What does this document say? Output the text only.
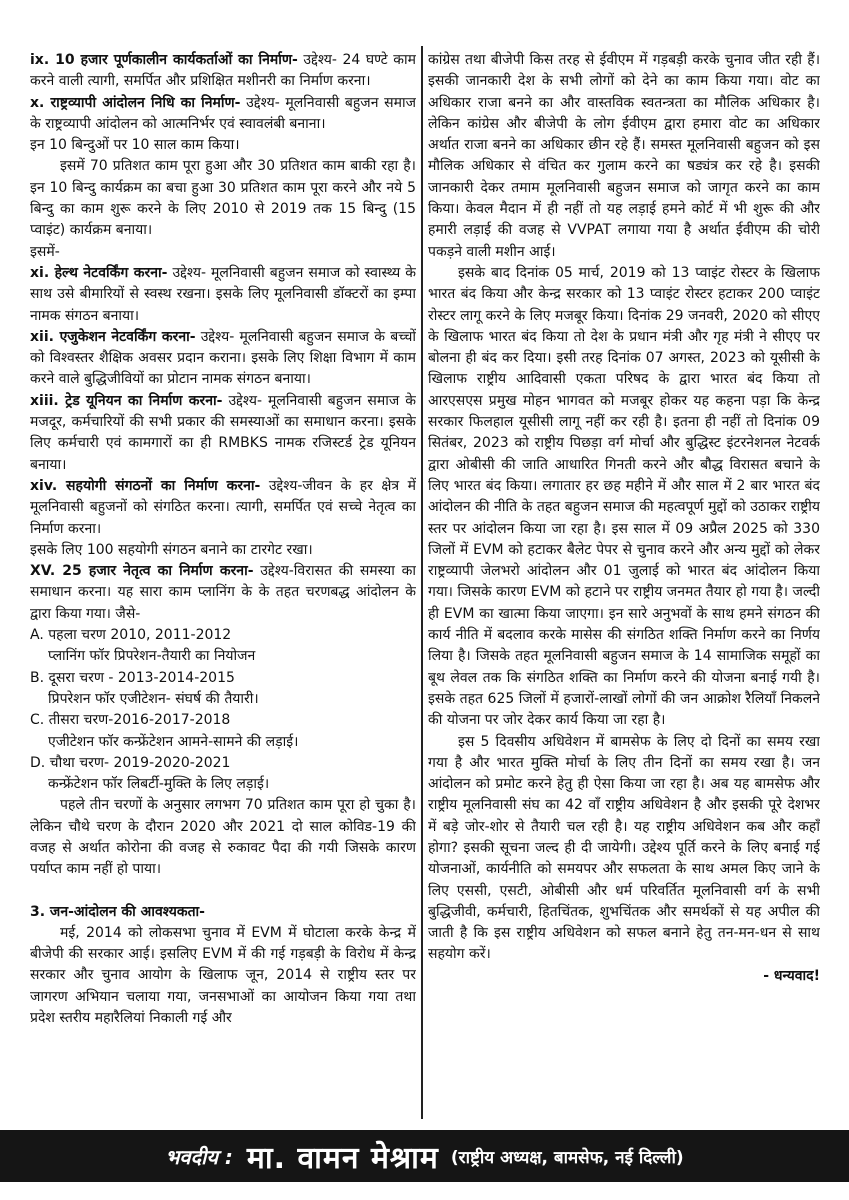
ix. 10 हजार पूर्णकालीन कार्यकर्ताओं का निर्माण- उद्देश्य- 24 घण्टे काम करने वाली त्यागी, समर्पित और प्रशिक्षित मशीनरी का निर्माण करना।

x. राष्ट्रव्यापी आंदोलन निधि का निर्माण- उद्देश्य- मूलनिवासी बहुजन समाज के राष्ट्रव्यापी आंदोलन को आत्मनिर्भर एवं स्वावलंबी बनाना।

इन 10 बिन्दुओं पर 10 साल काम किया।

इसमें 70 प्रतिशत काम पूरा हुआ और 30 प्रतिशत काम बाकी रहा है। इन 10 बिन्दु कार्यक्रम का बचा हुआ 30 प्रतिशत काम पूरा करने और नये 5 बिन्दु का काम शुरू करने के लिए 2010 से 2019 तक 15 बिन्दु (15 प्वाइंट) कार्यक्रम बनाया।

इसमें-

xi. हेल्थ नेटवर्किंग करना- उद्देश्य- मूलनिवासी बहुजन समाज को स्वास्थ्य के साथ उसे बीमारियों से स्वस्थ रखना। इसके लिए मूलनिवासी डॉक्टरों का इम्पा नामक संगठन बनाया।

xii. एजुकेशन नेटवर्किंग करना- उद्देश्य- मूलनिवासी बहुजन समाज के बच्चों को विश्वस्तर शैक्षिक अवसर प्रदान कराना। इसके लिए शिक्षा विभाग में काम करने वाले बुद्धिजीवियों का प्रोटान नामक संगठन बनाया।

xiii. ट्रेड यूनियन का निर्माण करना- उद्देश्य- मूलनिवासी बहुजन समाज के मजदूर, कर्मचारियों की सभी प्रकार की समस्याओं का समाधान करना। इसके लिए कर्मचारी एवं कामगारों का ही RMBKS नामक रजिस्टर्ड ट्रेड यूनियन बनाया।

xiv. सहयोगी संगठनों का निर्माण करना- उद्देश्य-जीवन के हर क्षेत्र में मूलनिवासी बहुजनों को संगठित करना। त्यागी, समर्पित एवं सच्चे नेतृत्व का निर्माण करना।

इसके लिए 100 सहयोगी संगठन बनाने का टारगेट रखा।

XV. 25 हजार नेतृत्व का निर्माण करना- उद्देश्य-विरासत की समस्या का समाधान करना। यह सारा काम प्लानिंग के के तहत चरणबद्ध आंदोलन के द्वारा किया गया। जैसे-

A. पहला चरण 2010, 2011-2012

प्लानिंग फॉर प्रिपरेशन-तैयारी का नियोजन

B. दूसरा चरण - 2013-2014-2015

प्रिपरेशन फॉर एजीटेशन- संघर्ष की तैयारी।

C. तीसरा चरण-2016-2017-2018

एजीटेशन फॉर कन्फ्रेंटेशन आमने-सामने की लड़ाई।

D. चौथा चरण- 2019-2020-2021

कन्फ्रेंटेशन फॉर लिबर्टी-मुक्ति के लिए लड़ाई।

पहले तीन चरणों के अनुसार लगभग 70 प्रतिशत काम पूरा हो चुका है। लेकिन चौथे चरण के दौरान 2020 और 2021 दो साल कोविड-19 की वजह से अर्थात कोरोना की वजह से रुकावट पैदा की गयी जिसके कारण पर्याप्त काम नहीं हो पाया।

3. जन-आंदोलन की आवश्यकता-

मई, 2014 को लोकसभा चुनाव में EVM में घोटाला करके केन्द्र में बीजेपी की सरकार आई। इसलिए EVM में की गई गड़बड़ी के विरोध में केन्द्र सरकार और चुनाव आयोग के खिलाफ जून, 2014 से राष्ट्रीय स्तर पर जागरण अभियान चलाया गया, जनसभाओं का आयोजन किया गया तथा प्रदेश स्तरीय महारैलियां निकाली गई और

कांग्रेस तथा बीजेपी किस तरह से ईवीएम में गड़बड़ी करके चुनाव जीत रही हैं। इसकी जानकारी देश के सभी लोगों को देने का काम किया गया। वोट का अधिकार राजा बनने का और वास्तविक स्वतन्त्रता का मौलिक अधिकार है। लेकिन कांग्रेस और बीजेपी के लोग ईवीएम द्वारा हमारा वोट का अधिकार अर्थात राजा बनने का अधिकार छीन रहे हैं। समस्त मूलनिवासी बहुजन को इस मौलिक अधिकार से वंचित कर गुलाम करने का षड्यंत्र कर रहे है। इसकी जानकारी देकर तमाम मूलनिवासी बहुजन समाज को जागृत करने का काम किया। केवल मैदान में ही नहीं तो यह लड़ाई हमने कोर्ट में भी शुरू की और हमारी लड़ाई की वजह से VVPAT लगाया गया है अर्थात ईवीएम की चोरी पकड़ने वाली मशीन आई।

इसके बाद दिनांक 05 मार्च, 2019 को 13 प्वाइंट रोस्टर के खिलाफ भारत बंद किया और केन्द्र सरकार को 13 प्वाइंट रोस्टर हटाकर 200 प्वाइंट रोस्टर लागू करने के लिए मजबूर किया। दिनांक 29 जनवरी, 2020 को सीएए के खिलाफ भारत बंद किया तो देश के प्रधान मंत्री और गृह मंत्री ने सीएए पर बोलना ही बंद कर दिया। इसी तरह दिनांक 07 अगस्त, 2023 को यूसीसी के खिलाफ राष्ट्रीय आदिवासी एकता परिषद के द्वारा भारत बंद किया तो आरएसएस प्रमुख मोहन भागवत को मजबूर होकर यह कहना पड़ा कि केन्द्र सरकार फिलहाल यूसीसी लागू नहीं कर रही है। इतना ही नहीं तो दिनांक 09 सितंबर, 2023 को राष्ट्रीय पिछड़ा वर्ग मोर्चा और बुद्धिस्ट इंटरनेशनल नेटवर्क द्वारा ओबीसी की जाति आधारित गिनती करने और बौद्ध विरासत बचाने के लिए भारत बंद किया। लगातार हर छह महीने में और साल में 2 बार भारत बंद आंदोलन की नीति के तहत बहुजन समाज की महत्वपूर्ण मुद्दों को उठाकर राष्ट्रीय स्तर पर आंदोलन किया जा रहा है। इस साल में 09 अप्रैल 2025 को 330 जिलों में EVM को हटाकर बैलेट पेपर से चुनाव करने और अन्य मुद्दों को लेकर राष्ट्रव्यापी जेलभरो आंदोलन और 01 जुलाई को भारत बंद आंदोलन किया गया। जिसके कारण EVM को हटाने पर राष्ट्रीय जनमत तैयार हो गया है। जल्दी ही EVM का खात्मा किया जाएगा। इन सारे अनुभवों के साथ हमने संगठन की कार्य नीति में बदलाव करके मासेस की संगठित शक्ति निर्माण करने का निर्णय लिया है। जिसके तहत मूलनिवासी बहुजन समाज के 14 सामाजिक समूहों का बूथ लेवल तक कि संगठित शक्ति का निर्माण करने की योजना बनाई गयी है। इसके तहत 625 जिलों में हजारों-लाखों लोगों की जन आक्रोश रैलियाँ निकलने की योजना पर जोर देकर कार्य किया जा रहा है।

इस 5 दिवसीय अधिवेशन में बामसेफ के लिए दो दिनों का समय रखा गया है और भारत मुक्ति मोर्चा के लिए तीन दिनों का समय रखा है। जन आंदोलन को प्रमोट करने हेतु ही ऐसा किया जा रहा है। अब यह बामसेफ और राष्ट्रीय मूलनिवासी संघ का 42 वाँ राष्ट्रीय अधिवेशन है और इसकी पूरे देशभर में बड़े जोर-शोर से तैयारी चल रही है। यह राष्ट्रीय अधिवेशन कब और कहाँ होगा? इसकी सूचना जल्द ही दी जायेगी। उद्देश्य पूर्ति करने के लिए बनाई गई योजनाओं, कार्यनीति को समयपर और सफलता के साथ अमल किए जाने के लिए एससी, एसटी, ओबीसी और धर्म परिवर्तित मूलनिवासी वर्ग के सभी बुद्धिजीवी, कर्मचारी, हितचिंतक, शुभचिंतक और समर्थकों से यह अपील की जाती है कि इस राष्ट्रीय अधिवेशन को सफल बनाने हेतु तन-मन-धन से साथ सहयोग करें।

- धन्यवाद!

भवदीय : मा. वामन मेश्राम (राष्ट्रीय अध्यक्ष, बामसेफ, नई दिल्ली)
